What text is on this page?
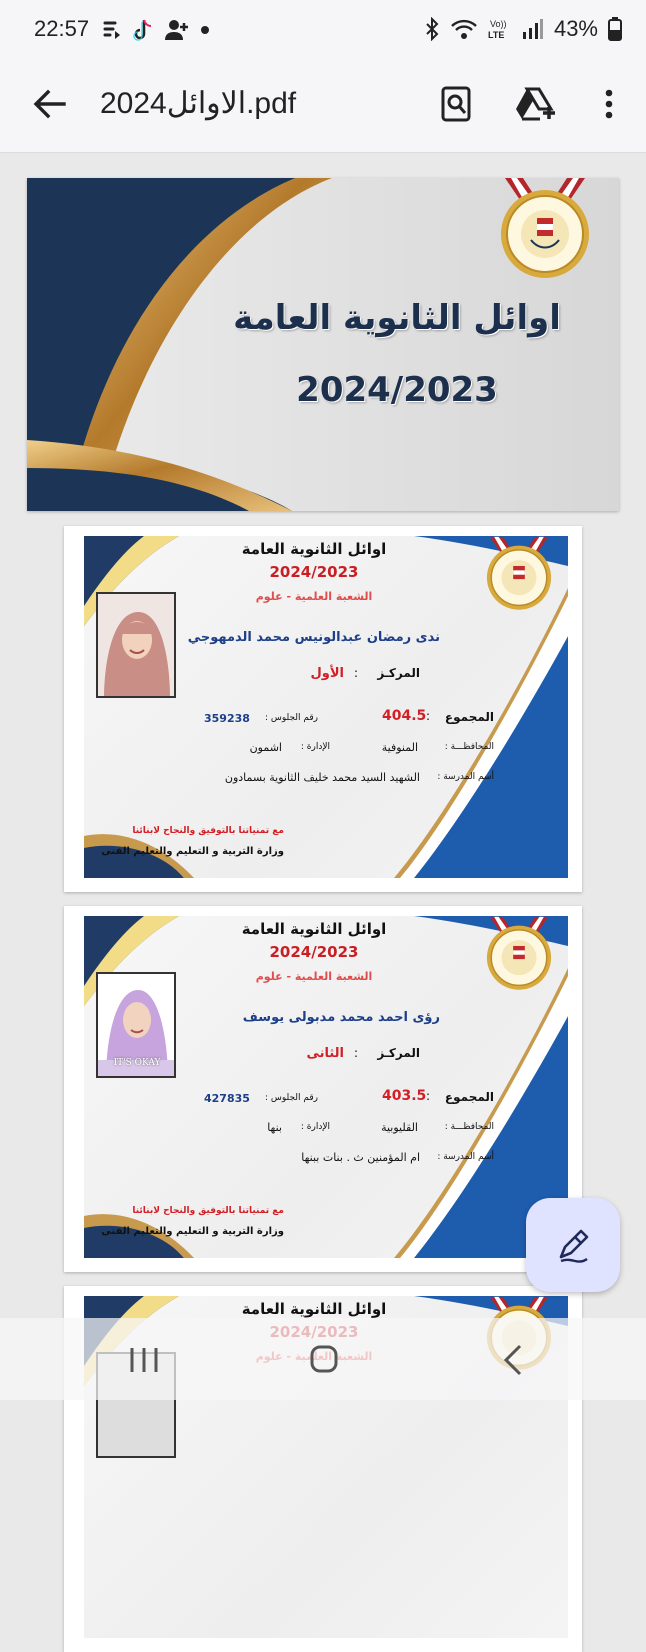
22:57	Vo))
LTE 43%
الاوائل2024.pdf
اوائل الثانوية العامة
2024/2023
اوائل الثانوية العامة
2024/2023
الشعبة العلمية - علوم
ندى رمضان عبدالونيس محمد الدمهوجي
المركـز
:
الأول
المجموع
:
404.5
رقم الجلوس :
359238
المحافظـــة :
المنوفية
الإدارة :
اشمون
أسم المدرسة :
الشهيد السيد محمد خليف الثانوية بسمادون
مع تمنياتنا بالتوفيق والنجاح لابنائنا
وزارة التربية و التعليم والتعليم الفنى
IT'S OKAY
اوائل الثانوية العامة
2024/2023
الشعبة العلمية - علوم
رؤى احمد محمد مدبولى يوسف
المركـز
:
الثانى
المجموع
:
403.5
رقم الجلوس :
427835
المحافظـــة :
القليوبية
الإدارة :
بنها
أسم المدرسة :
ام المؤمنين ث . بنات ببنها
مع تمنياتنا بالتوفيق والنجاح لابنائنا
وزارة التربية و التعليم والتعليم الفنى
اوائل الثانوية العامة
